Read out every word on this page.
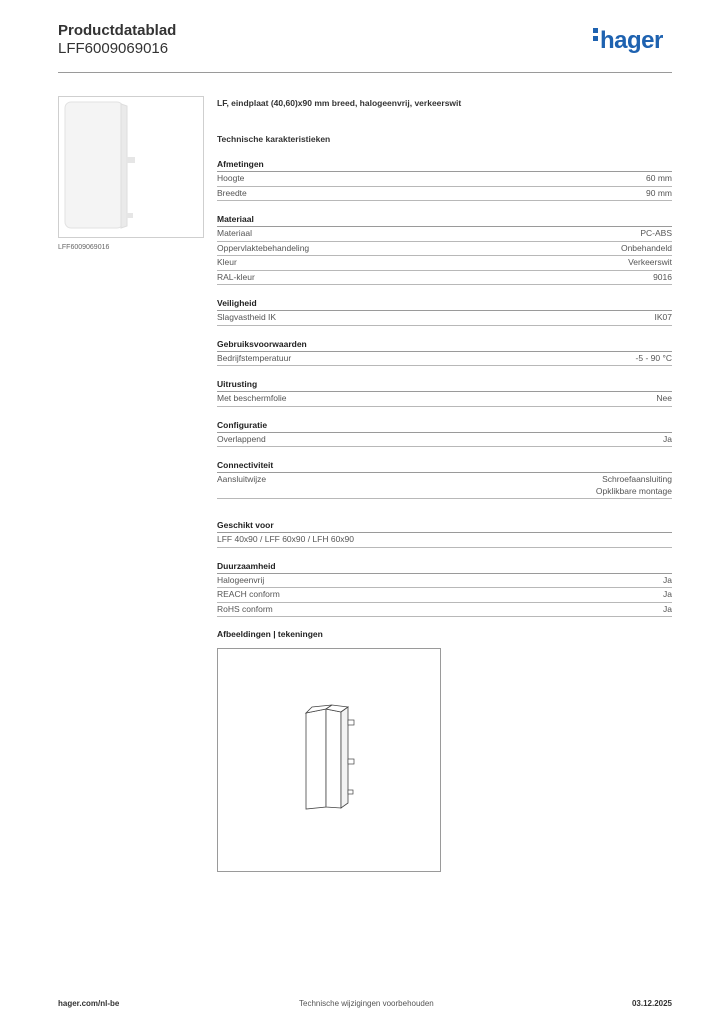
Productdatablad
LFF6009069016	hager
LFF6009069016
LF, eindplaat (40,60)x90 mm breed, halogeenvrij, verkeerswit
Technische karakteristieken
Afmetingen
Hoogte	60 mm
Breedte	90 mm
Materiaal
Materiaal	PC-ABS
Oppervlaktebehandeling	Onbehandeld
Kleur	Verkeerswit
RAL-kleur	9016
Veiligheid
Slagvastheid IK	IK07
Gebruiksvoorwaarden
Bedrijfstemperatuur	-5 - 90 °C
Uitrusting
Met beschermfolie	Nee
Configuratie
Overlappend	Ja
Connectiviteit
Aansluitwijze	Schroefaansluiting
Opklikbare montage
Geschikt voor
LFF 40x90 / LFF 60x90 / LFH 60x90
Duurzaamheid
Halogeenvrij	Ja
REACH conform	Ja
RoHS conform	Ja
Afbeeldingen | tekeningen
hager.com/nl-be	Technische wijzigingen voorbehouden	03.12.2025
